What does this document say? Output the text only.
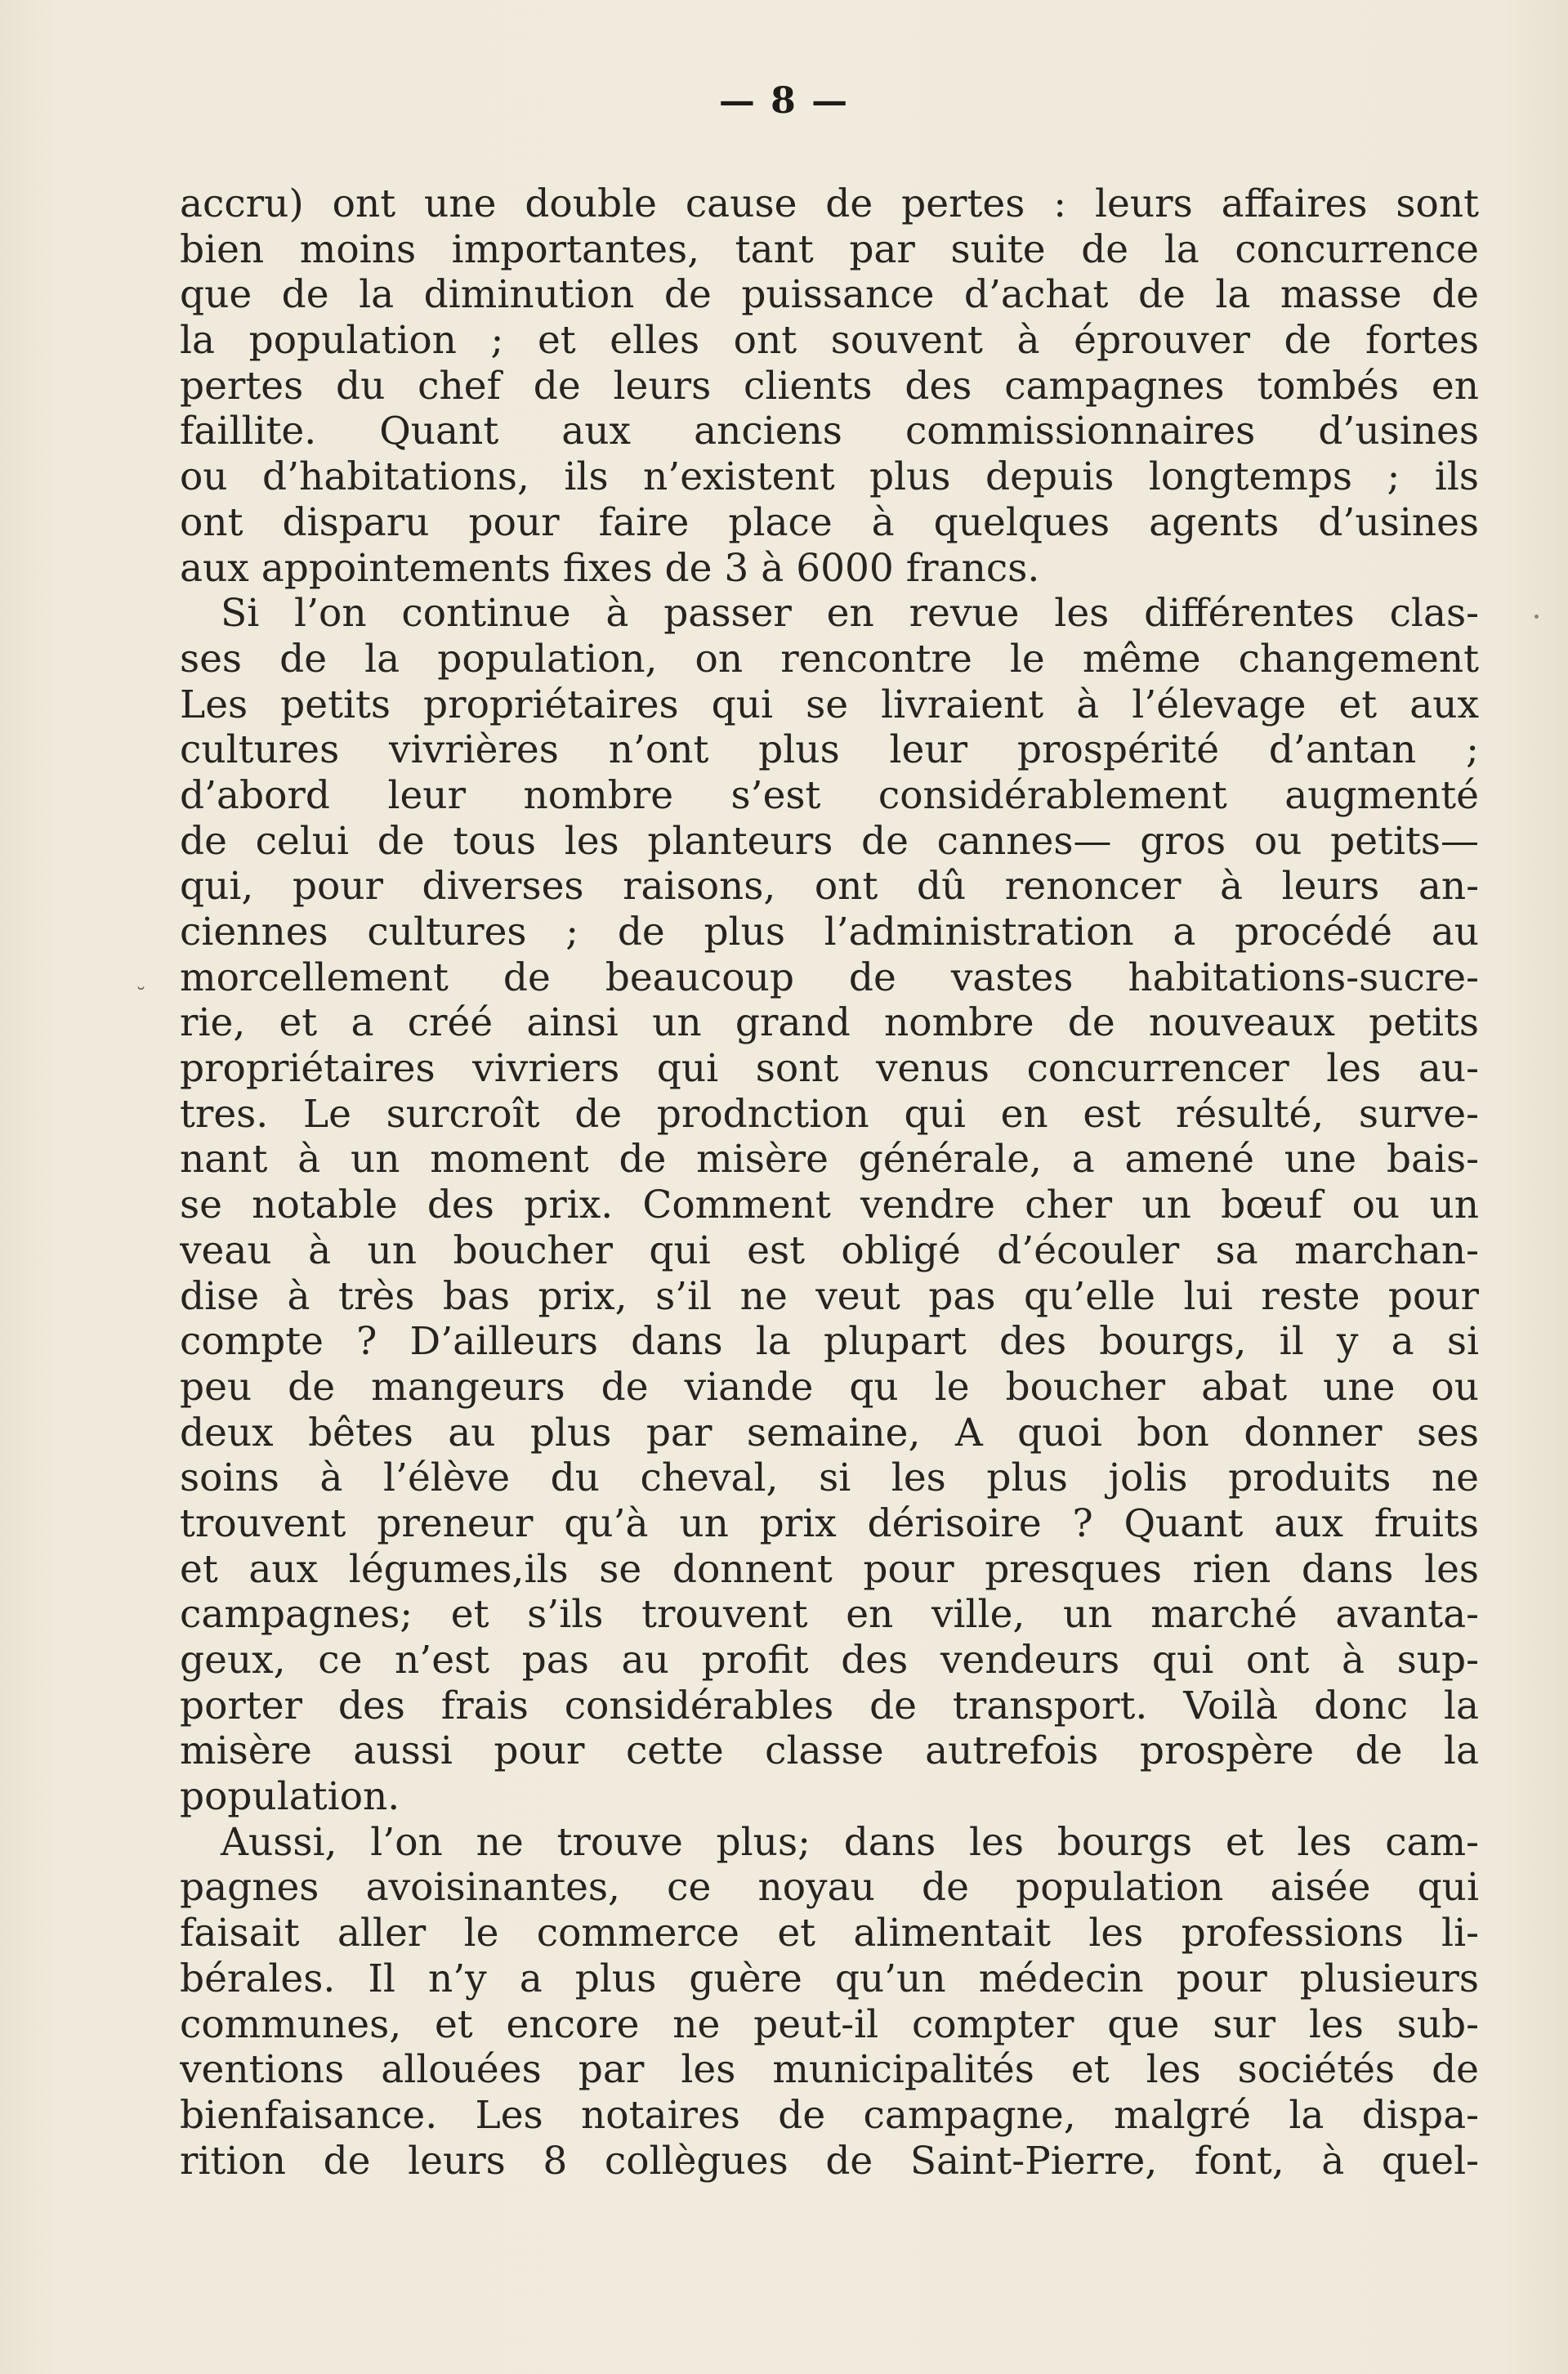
— 8 —

accru) ont une double cause de pertes : leurs affaires sont
bien moins importantes, tant par suite de la concurrence
que de la diminution de puissance d’achat de la masse de
la population ; et elles ont souvent à éprouver de fortes
pertes du chef de leurs clients des campagnes tombés en
faillite. Quant aux anciens commissionnaires d’usines
ou d’habitations, ils n’existent plus depuis longtemps ; ils
ont disparu pour faire place à quelques agents d’usines
aux appointements fixes de 3 à 6000 francs.

Si l’on continue à passer en revue les différentes clas-
ses de la population, on rencontre le même changement
Les petits propriétaires qui se livraient à l’élevage et aux
cultures vivrières n’ont plus leur prospérité d’antan ;
d’abord leur nombre s’est considérablement augmenté
de celui de tous les planteurs de cannes— gros ou petits—
qui, pour diverses raisons, ont dû renoncer à leurs an-
ciennes cultures ; de plus l’administration a procédé au
morcellement de beaucoup de vastes habitations-sucre-
rie, et a créé ainsi un grand nombre de nouveaux petits
propriétaires vivriers qui sont venus concurrencer les au-
tres. Le surcroît de prodnction qui en est résulté, surve-
nant à un moment de misère générale, a amené une bais-
se notable des prix. Comment vendre cher un bœuf ou un
veau à un boucher qui est obligé d’écouler sa marchan-
dise à très bas prix, s’il ne veut pas qu’elle lui reste pour
compte ? D’ailleurs dans la plupart des bourgs, il y a si
peu de mangeurs de viande qu le boucher abat une ou
deux bêtes au plus par semaine, A quoi bon donner ses
soins à l’élève du cheval, si les plus jolis produits ne
trouvent preneur qu’à un prix dérisoire ? Quant aux fruits
et aux légumes,ils se donnent pour presques rien dans les
campagnes; et s’ils trouvent en ville, un marché avanta-
geux, ce n’est pas au profit des vendeurs qui ont à sup-
porter des frais considérables de transport. Voilà donc la
misère aussi pour cette classe autrefois prospère de la
population.

Aussi, l’on ne trouve plus; dans les bourgs et les cam-
pagnes avoisinantes, ce noyau de population aisée qui
faisait aller le commerce et alimentait les professions li-
bérales. Il n’y a plus guère qu’un médecin pour plusieurs
communes, et encore ne peut-il compter que sur les sub-
ventions allouées par les municipalités et les sociétés de
bienfaisance. Les notaires de campagne, malgré la dispa-
rition de leurs 8 collègues de Saint-Pierre, font, à quel-

˘
